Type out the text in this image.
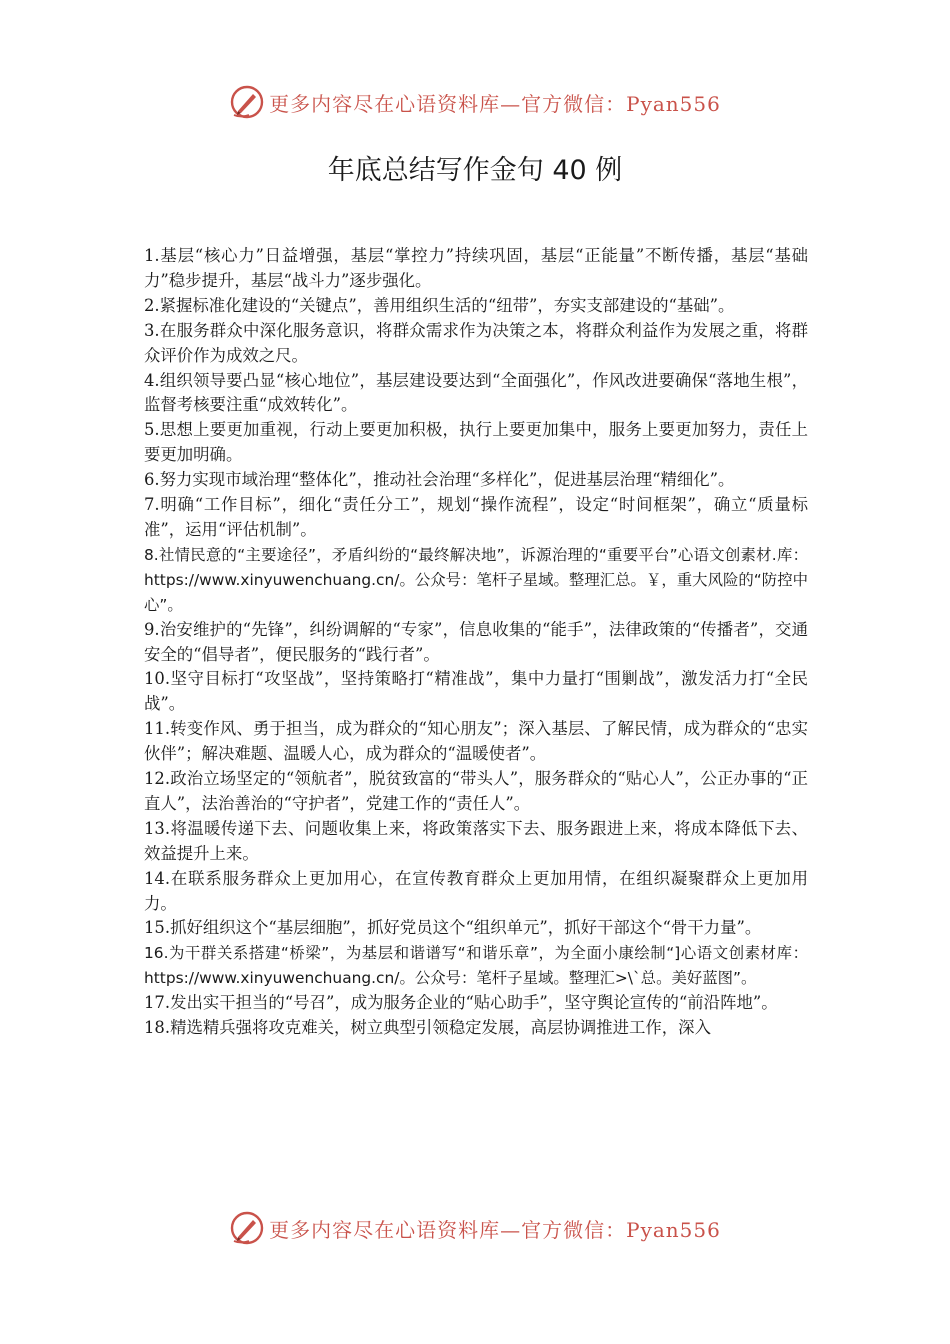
更多内容尽在心语资料库—官方微信：Pyan556
年底总结写作金句 40 例

1.基层“核心力”日益增强，基层“掌控力”持续巩固，基层“正能量”不断传播，基层“基础力”稳步提升，基层“战斗力”逐步强化。

2.紧握标准化建设的“关键点”，善用组织生活的“纽带”，夯实支部建设的“基础”。

3.在服务群众中深化服务意识，将群众需求作为决策之本，将群众利益作为发展之重，将群众评价作为成效之尺。

4.组织领导要凸显“核心地位”，基层建设要达到“全面强化”，作风改进要确保“落地生根”，监督考核要注重“成效转化”。

5.思想上要更加重视，行动上要更加积极，执行上要更加集中，服务上要更加努力，责任上要更加明确。

6.努力实现市域治理“整体化”，推动社会治理“多样化”，促进基层治理“精细化”。

7.明确“工作目标”，细化“责任分工”，规划“操作流程”，设定“时间框架”，确立“质量标准”，运用“评估机制”。

8.社情民意的“主要途径”，矛盾纠纷的“最终解决地”，诉源治理的“重要平台”心语文创素材.库：https://www.xinyuwenchuang.cn/。公众号：笔杆子星域。整理汇总。￥，重大风险的“防控中心”。

9.治安维护的“先锋”，纠纷调解的“专家”，信息收集的“能手”，法律政策的“传播者”，交通安全的“倡导者”，便民服务的“践行者”。

10.坚守目标打“攻坚战”，坚持策略打“精准战”，集中力量打“围剿战”，激发活力打“全民战”。

11.转变作风、勇于担当，成为群众的“知心朋友”；深入基层、了解民情，成为群众的“忠实伙伴”；解决难题、温暖人心，成为群众的“温暖使者”。

12.政治立场坚定的“领航者”，脱贫致富的“带头人”，服务群众的“贴心人”，公正办事的“正直人”，法治善治的“守护者”，党建工作的“责任人”。

13.将温暖传递下去、问题收集上来，将政策落实下去、服务跟进上来，将成本降低下去、效益提升上来。

14.在联系服务群众上更加用心，在宣传教育群众上更加用情，在组织凝聚群众上更加用力。

15.抓好组织这个“基层细胞”，抓好党员这个“组织单元”，抓好干部这个“骨干力量”。

16.为干群关系搭建“桥梁”，为基层和谐谱写“和谐乐章”，为全面小康绘制“]心语文创素材库：https://www.xinyuwenchuang.cn/。公众号：笔杆子星域。整理汇>\`总。美好蓝图”。

17.发出实干担当的“号召”，成为服务企业的“贴心助手”，坚守舆论宣传的“前沿阵地”。

18.精选精兵强将攻克难关，树立典型引领稳定发展，高层协调推进工作，深入

更多内容尽在心语资料库—官方微信：Pyan556
